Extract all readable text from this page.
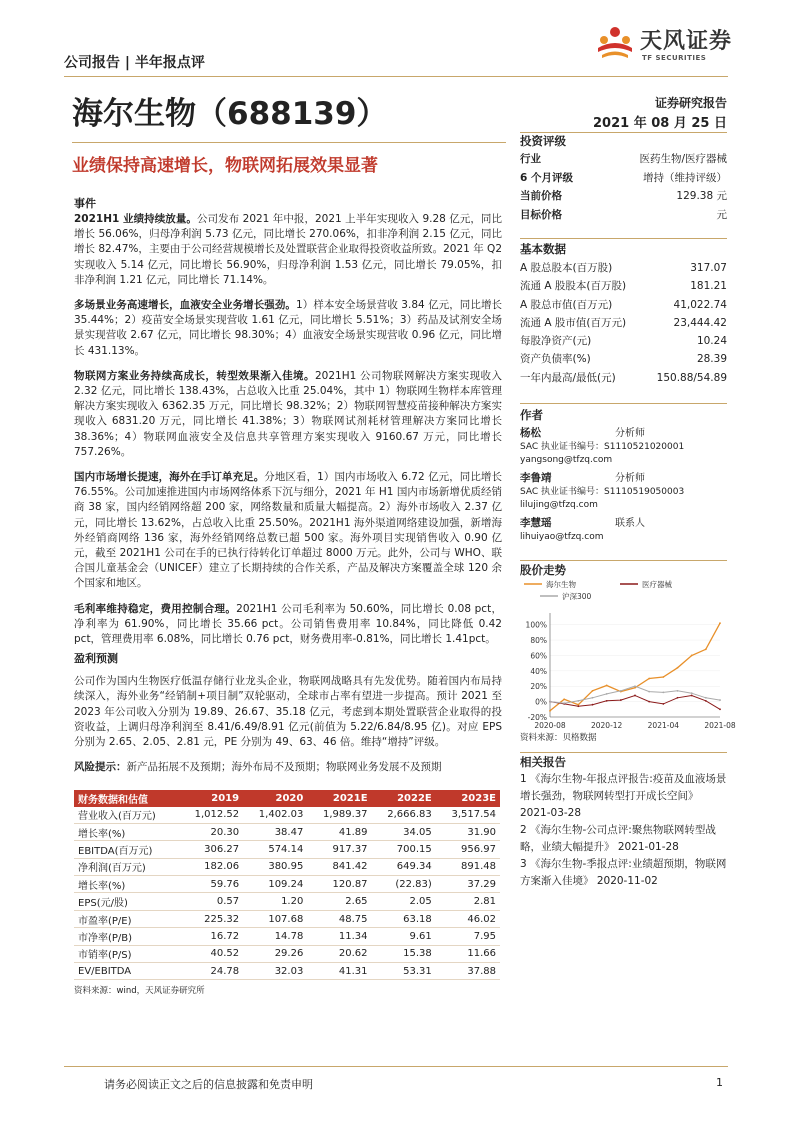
公司报告 | 半年报点评
天风证券
TF SECURITIES
海尔生物（688139）	证券研究报告
2021 年 08 月 25 日
业绩保持高速增长，物联网拓展效果显著
事件

2021H1 业绩持续放量。公司发布 2021 年中报，2021 上半年实现收入 9.28 亿元，同比增长 56.06%，归母净利润 5.73 亿元，同比增长 270.06%，扣非净利润 2.15 亿元，同比增长 82.47%，主要由于公司经营规模增长及处置联营企业取得投资收益所致。2021 年 Q2 实现收入 5.14 亿元，同比增长 56.90%，归母净利润 1.53 亿元，同比增长 79.05%，扣非净利润 1.21 亿元，同比增长 71.14%。

多场景业务高速增长，血液安全业务增长强劲。1）样本安全场景营收 3.84 亿元，同比增长 35.44%；2）疫苗安全场景实现营收 1.61 亿元，同比增长 5.51%；3）药品及试剂安全场景实现营收 2.67 亿元，同比增长 98.30%；4）血液安全场景实现营收 0.96 亿元，同比增长 431.13%。

物联网方案业务持续高成长，转型效果渐入佳境。2021H1 公司物联网解决方案实现收入 2.32 亿元，同比增长 138.43%，占总收入比重 25.04%，其中 1）物联网生物样本库管理解决方案实现收入 6362.35 万元，同比增长 98.32%；2）物联网智慧疫苗接种解决方案实现收入 6831.20 万元，同比增长 41.38%；3）物联网试剂耗材管理解决方案同比增长 38.36%；4）物联网血液安全及信息共享管理方案实现收入 9160.67 万元，同比增长 757.26%。

国内市场增长提速，海外在手订单充足。分地区看，1）国内市场收入 6.72 亿元，同比增长 76.55%。公司加速推进国内市场网络体系下沉与细分，2021 年 H1 国内市场新增优质经销商 38 家，国内经销网络超 200 家，网络数量和质量大幅提高。2）海外市场收入 2.37 亿元，同比增长 13.62%，占总收入比重 25.50%。2021H1 海外渠道网络建设加强，新增海外经销商网络 136 家，海外经销网络总数已超 500 家。海外项目实现销售收入 0.90 亿元，截至 2021H1 公司在手的已执行待转化订单超过 8000 万元。此外，公司与 WHO、联合国儿童基金会（UNICEF）建立了长期持续的合作关系，产品及解决方案覆盖全球 120 余个国家和地区。

毛利率维持稳定，费用控制合理。2021H1 公司毛利率为 50.60%，同比增长 0.08 pct，净利率为 61.90%，同比增长 35.66 pct。公司销售费用率 10.84%，同比降低 0.42 pct，管理费用率 6.08%，同比增长 0.76 pct，财务费用率-0.81%，同比增长 1.41pct。

盈利预测

公司作为国内生物医疗低温存储行业龙头企业，物联网战略具有先发优势。随着国内布局持续深入，海外业务“经销制+项目制”双轮驱动，全球市占率有望进一步提高。预计 2021 至 2023 年公司收入分别为 19.89、26.67、35.18 亿元，考虑到本期处置联营企业取得的投资收益，上调归母净利润至 8.41/6.49/8.91 亿元(前值为 5.22/6.84/8.95 亿)。对应 EPS 分别为 2.65、2.05、2.81 元，PE 分别为 49、63、46 倍。维持“增持”评级。

风险提示：新产品拓展不及预期；海外布局不及预期；物联网业务发展不及预期

财务数据和估值	2019	2020	2021E	2022E	2023E
营业收入(百万元)	1,012.52	1,402.03	1,989.37	2,666.83	3,517.54
增长率(%)	20.30	38.47	41.89	34.05	31.90
EBITDA(百万元)	306.27	574.14	917.37	700.15	956.97
净利润(百万元)	182.06	380.95	841.42	649.34	891.48
增长率(%)	59.76	109.24	120.87	(22.83)	37.29
EPS(元/股)	0.57	1.20	2.65	2.05	2.81
市盈率(P/E)	225.32	107.68	48.75	63.18	46.02
市净率(P/B)	16.72	14.78	11.34	9.61	7.95
市销率(P/S)	40.52	29.26	20.62	15.38	11.66
EV/EBITDA	24.78	32.03	41.31	53.31	37.88
资料来源：wind，天风证券研究所
投资评级
行业	医药生物/医疗器械
6 个月评级	增持（维持评级）
当前价格	129.38 元
目标价格	元
基本数据
A 股总股本(百万股)	317.07
流通 A 股股本(百万股)	181.21
A 股总市值(百万元)	41,022.74
流通 A 股市值(百万元)	23,444.42
每股净资产(元)	10.24
资产负债率(%)	28.39
一年内最高/最低(元)	150.88/54.89
作者
杨松	分析师
SAC 执业证书编号：S1110521020001
yangsong@tfzq.com
李鲁靖	分析师
SAC 执业证书编号：S1110519050003
lilujing@tfzq.com
李慧瑶	联系人
lihuiyao@tfzq.com
股价走势
海尔生物	医疗器械
沪深300
-20%
0%
20%
40%
60%
80%
100%
2020-08	2020-12	2021-04	2021-08
资料来源：贝格数据
相关报告
1 《海尔生物-年报点评报告:疫苗及血液场景增长强劲，物联网转型打开成长空间》 2021-03-28
2 《海尔生物-公司点评:聚焦物联网转型战略，业绩大幅提升》 2021-01-28
3 《海尔生物-季报点评:业绩超预期，物联网方案渐入佳境》 2020-11-02
请务必阅读正文之后的信息披露和免责申明	1
